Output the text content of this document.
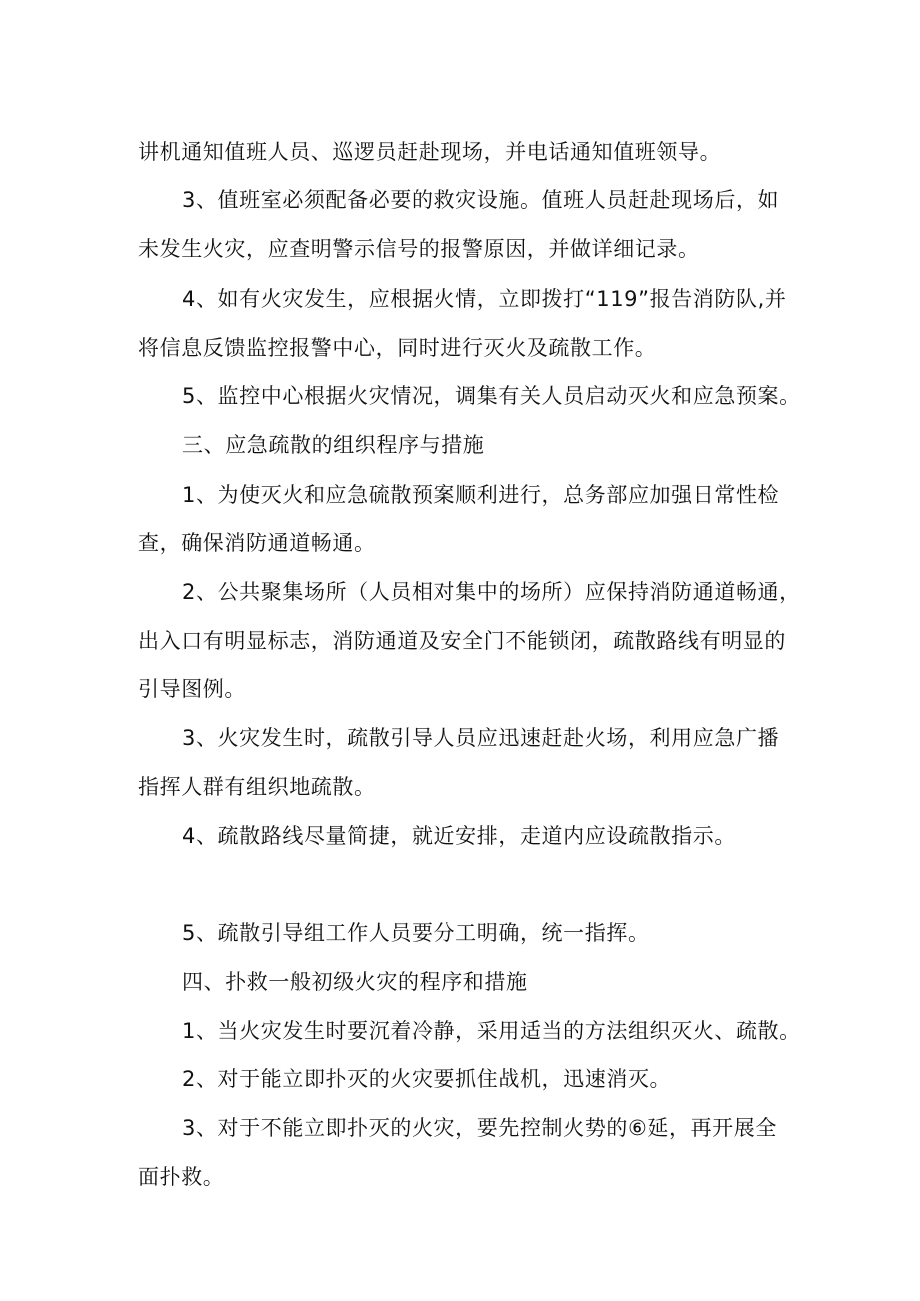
讲机通知值班人员、巡逻员赶赴现场，并电话通知值班领导。
3、值班室必须配备必要的救灾设施。值班人员赶赴现场后，如
未发生火灾，应查明警示信号的报警原因，并做详细记录。
4、如有火灾发生，应根据火情，立即拨打“119”报告消防队,并
将信息反馈监控报警中心，同时进行灭火及疏散工作。
5、监控中心根据火灾情况，调集有关人员启动灭火和应急预案。
三、应急疏散的组织程序与措施
1、为使灭火和应急硫散预案顺利进行，总务部应加强日常性检
查，确保消防通道畅通。
2、公共聚集场所（人员相对集中的场所）应保持消防通道畅通，
出入口有明显标志，消防通道及安全门不能锁闭，疏散路线有明显的
引导图例。
3、火灾发生时，疏散引导人员应迅速赶赴火场，利用应急广播
指挥人群有组织地疏散。
4、疏散路线尽量简捷，就近安排，走道内应设疏散指示。
5、疏散引导组工作人员要分工明确，统一指挥。
四、扑救一般初级火灾的程序和措施
1、当火灾发生时要沉着冷静，采用适当的方法组织灭火、疏散。
2、对于能立即扑灭的火灾要抓住战机，迅速消灭。
3、对于不能立即扑灭的火灾，要先控制火势的⑥延，再开展全
面扑救。
